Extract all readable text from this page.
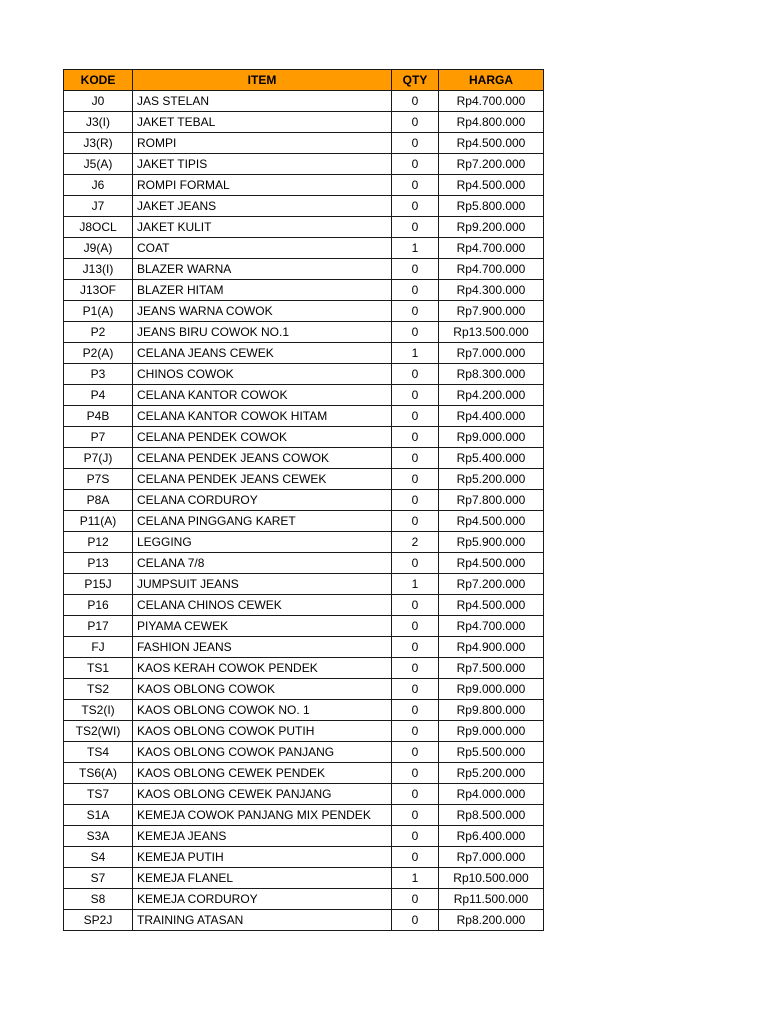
KODE	ITEM	QTY	HARGA
J0	JAS STELAN	0	Rp4.700.000
J3(I)	JAKET TEBAL	0	Rp4.800.000
J3(R)	ROMPI	0	Rp4.500.000
J5(A)	JAKET TIPIS	0	Rp7.200.000
J6	ROMPI FORMAL	0	Rp4.500.000
J7	JAKET JEANS	0	Rp5.800.000
J8OCL	JAKET KULIT	0	Rp9.200.000
J9(A)	COAT	1	Rp4.700.000
J13(I)	BLAZER WARNA	0	Rp4.700.000
J13OF	BLAZER HITAM	0	Rp4.300.000
P1(A)	JEANS WARNA COWOK	0	Rp7.900.000
P2	JEANS BIRU COWOK NO.1	0	Rp13.500.000
P2(A)	CELANA JEANS CEWEK	1	Rp7.000.000
P3	CHINOS COWOK	0	Rp8.300.000
P4	CELANA KANTOR COWOK	0	Rp4.200.000
P4B	CELANA KANTOR COWOK HITAM	0	Rp4.400.000
P7	CELANA PENDEK COWOK	0	Rp9.000.000
P7(J)	CELANA PENDEK JEANS COWOK	0	Rp5.400.000
P7S	CELANA PENDEK JEANS CEWEK	0	Rp5.200.000
P8A	CELANA CORDUROY	0	Rp7.800.000
P11(A)	CELANA PINGGANG KARET	0	Rp4.500.000
P12	LEGGING	2	Rp5.900.000
P13	CELANA 7/8	0	Rp4.500.000
P15J	JUMPSUIT JEANS	1	Rp7.200.000
P16	CELANA CHINOS CEWEK	0	Rp4.500.000
P17	PIYAMA CEWEK	0	Rp4.700.000
FJ	FASHION JEANS	0	Rp4.900.000
TS1	KAOS KERAH COWOK PENDEK	0	Rp7.500.000
TS2	KAOS OBLONG COWOK	0	Rp9.000.000
TS2(I)	KAOS OBLONG COWOK NO. 1	0	Rp9.800.000
TS2(WI)	KAOS OBLONG COWOK PUTIH	0	Rp9.000.000
TS4	KAOS OBLONG COWOK PANJANG	0	Rp5.500.000
TS6(A)	KAOS OBLONG CEWEK PENDEK	0	Rp5.200.000
TS7	KAOS OBLONG CEWEK PANJANG	0	Rp4.000.000
S1A	KEMEJA COWOK PANJANG MIX PENDEK	0	Rp8.500.000
S3A	KEMEJA JEANS	0	Rp6.400.000
S4	KEMEJA PUTIH	0	Rp7.000.000
S7	KEMEJA FLANEL	1	Rp10.500.000
S8	KEMEJA CORDUROY	0	Rp11.500.000
SP2J	TRAINING ATASAN	0	Rp8.200.000
